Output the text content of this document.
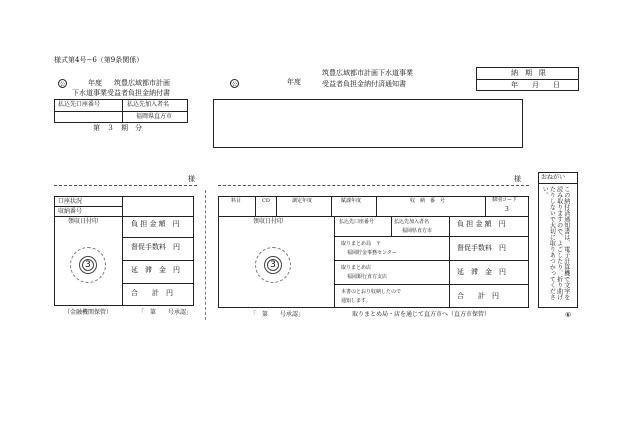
様式第4号−6（第9条関係）
公	年度 筑豊広域都市計画
下水道事業受益者負担金納付書
払込先口座番号	払込先加入者名
福岡県直方市
第　３　期　分
公	年度
筑豊広域都市計画下水道事業
受益者負担金納付済通知書
納　期　限
年　　月　　日
様	様
口座状況
収納番号
領収日付印
3
負 担 金 額　円
督促手数料　円
延　滞　金　円
合　　計　円
（金融機関保管）	「　第　　号承認」
料目	CD	調定年度	賦課年度	収　納　番　号	個別コード
3
領収日付印
3
払込先口座番号	払込先加入者名
福岡県直方市
取りまとめ局　〒
福岡貯金事務センター
取りまとめ店
福岡銀行直方支店
本書のとおり収納したので
通知します。
負 担 金 額　円
督促手数料　円
延　滞　金　円
合　　計　円
「　第　　号承認」	取りまとめ局・店を通じて直方市へ（直方市保管）
おねがい
この納付済通知書は、電子計算機で文字を読み取りますので、よごしたり、折り曲げたりしないで大切に取りあつかってください。
⑥
